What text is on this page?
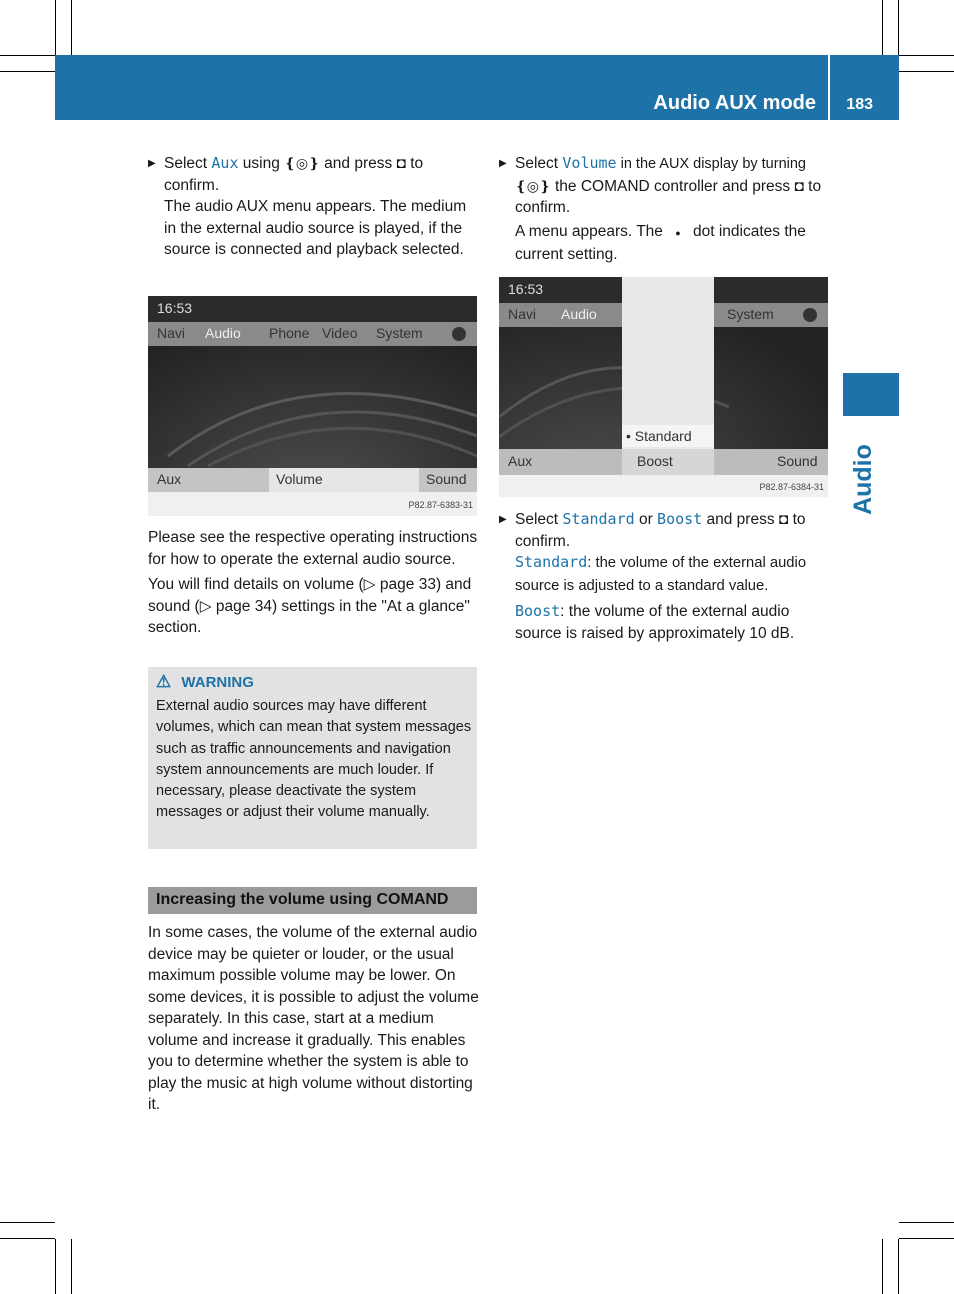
Audio AUX mode 183
Audio
▶ Select Aux using ❴◎❵ and press ◘ to confirm.
The audio AUX menu appears. The medium in the external audio source is played, if the source is connected and playback selected.
16:53
Navi Audio Phone Video System
Aux	Volume	Sound
P82.87-6383-31

Please see the respective operating instructions for how to operate the external audio source.

You will find details on volume (▷ page 33) and sound (▷ page 34) settings in the "At a glance" section.

⚠ WARNING
External audio sources may have different volumes, which can mean that system messages such as traffic announcements and navigation system announcements are much louder. If necessary, please deactivate the system messages or adjust their volume manually.
Increasing the volume using COMAND
In some cases, the volume of the external audio device may be quieter or louder, or the usual maximum possible volume may be lower. On some devices, it is possible to adjust the volume separately. In this case, start at a medium volume and increase it gradually. This enables you to determine whether the system is able to play the music at high volume without distorting it.
▶ Select Volume in the AUX display by turning ❴◎❵ the COMAND controller and press ◘ to confirm.
A menu appears. The ● dot indicates the current setting.
16:53
Navi Audio	System
• Standard
Aux	Boost	Sound
P82.87-6384-31
▶ Select Standard or Boost and press ◘ to confirm.
Standard: the volume of the external audio source is adjusted to a standard value.
Boost: the volume of the external audio source is raised by approximately 10 dB.
